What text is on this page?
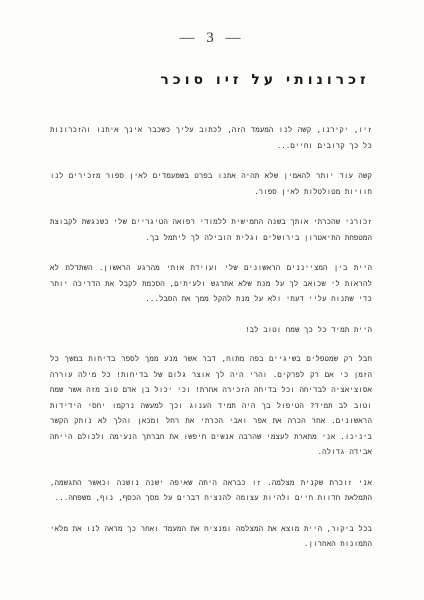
— 3 —
זכרונותי על זיו סוכר

זיו, יקירנו, קשה לנו המעמד הזה, לכתוב עליך כשכבר אינך איתנו והזכרונות כל כך קרובים וחיים...

קשה עוד יותר להאמין שלא תהיה אתנו בפרט בשמעמדים לאין ספור מזכירים לנו חוויות מטולטלות לאין ספור.

זכורני שהכרתי אותך בשנה החמישית ללמודי רפואה הטיגריים שלי כשנגשת לקבוצת המטפחת התיאטרון בירושלים וגלית הובילה לך ליתמל בך.

היית בין המצייננים הראשונים שלי ועוידת אותי מהרגע הראשון. השתדלת לא להראות לי שכואב לך על מנת שלא אתרגש ולעיתים, הסכמת לקבל את הדריכה יותר כדי שתנוח עליי דעתי ולא על מנת להקל ממך את הסבל...

היית תמיד כל כך שמח וטוב לב!

חבל רק שמטפלים בשיגיים בפה מתוח, דבר אשר מנע ממך לספר בדיחות במשך כל הזמן כי אם רק לפרקים. והרי היה לך אוצר גלום של בדיחות! כל מילה עוררה אסוציאציה לבדיחה וכל בדיחה הזכירה אחרת! וכי יכול בן אדם טוב מזה אשר שמח וטוב לב תמיד? הטיפול בך היה תמיד הענוג וכך למעשה נרקמו יחסי הידידות הראשונים. אחר הכרה את אפר ואבי הכרתי את רחל ומכאן והלך לא נותק הקשר בינינו. אני מתארת לעצמי שהרבה אנשים חיפשו את חברתך הנעימה ולכולם הייתה אבידה גדולה.

אני זוכרת שקנית מצלמה. זו כבראה היתה שאיפה ישנה נושנה וכאשר התגשמה, התמלאת חדוות חיים ולהיות עצומה להנציח דברים על מסך הכסף, נוף, משפחה...

בכל ביקור, היית מוצא את המצלמה ומנציח את המעמד ואחר כך מראה לנו את מלאי התמונות האחרון.
